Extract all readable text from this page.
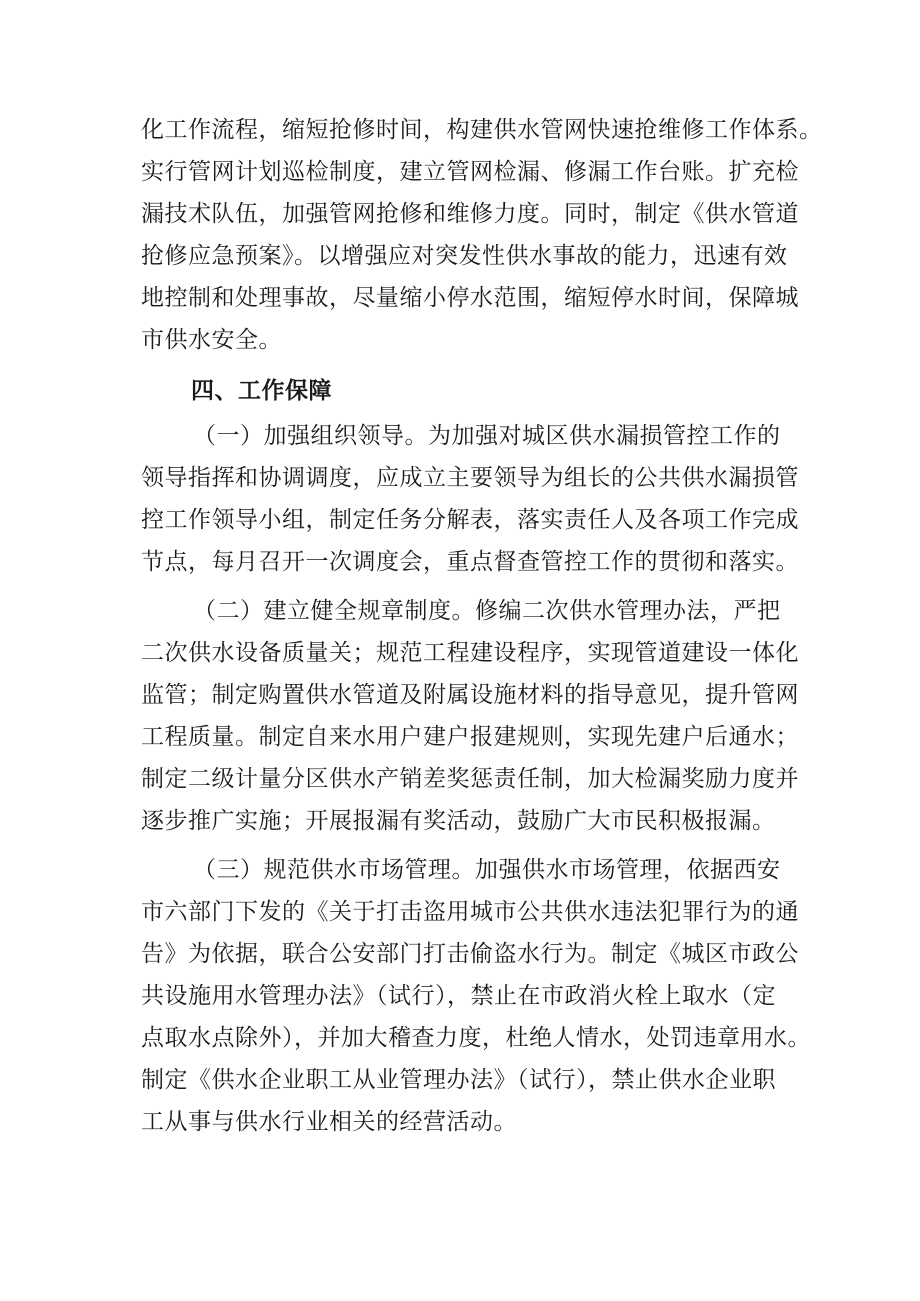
化工作流程，缩短抢修时间，构建供水管网快速抢维修工作体系。

实行管网计划巡检制度，建立管网检漏、修漏工作台账。扩充检

漏技术队伍，加强管网抢修和维修力度。同时，制定《供水管道

抢修应急预案》。以增强应对突发性供水事故的能力，迅速有效

地控制和处理事故，尽量缩小停水范围，缩短停水时间，保障城

市供水安全。

四、工作保障

（一）加强组织领导。为加强对城区供水漏损管控工作的

领导指挥和协调调度，应成立主要领导为组长的公共供水漏损管

控工作领导小组，制定任务分解表，落实责任人及各项工作完成

节点，每月召开一次调度会，重点督查管控工作的贯彻和落实。

（二）建立健全规章制度。修编二次供水管理办法，严把

二次供水设备质量关；规范工程建设程序，实现管道建设一体化

监管；制定购置供水管道及附属设施材料的指导意见，提升管网

工程质量。制定自来水用户建户报建规则，实现先建户后通水；

制定二级计量分区供水产销差奖惩责任制，加大检漏奖励力度并

逐步推广实施；开展报漏有奖活动，鼓励广大市民积极报漏。

（三）规范供水市场管理。加强供水市场管理，依据西安

市六部门下发的《关于打击盗用城市公共供水违法犯罪行为的通

告》为依据，联合公安部门打击偷盗水行为。制定《城区市政公

共设施用水管理办法》（试行），禁止在市政消火栓上取水（定

点取水点除外），并加大稽查力度，杜绝人情水，处罚违章用水。

制定《供水企业职工从业管理办法》（试行），禁止供水企业职

工从事与供水行业相关的经营活动。
